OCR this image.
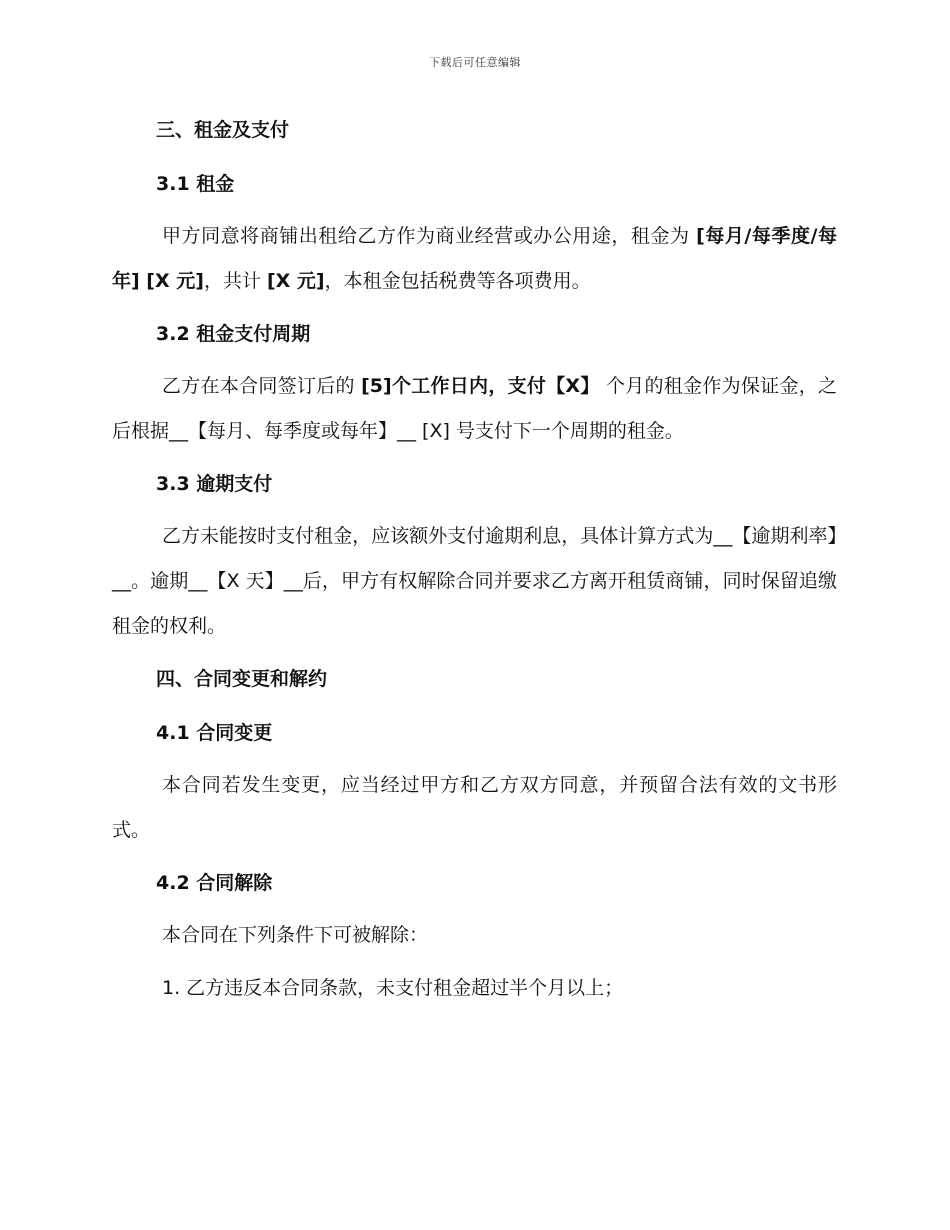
下载后可任意编辑
三、租金及支付
3.1 租金

甲方同意将商铺出租给乙方作为商业经营或办公用途，租金为 [每月/每季度/每年] [X 元]，共计 [X 元]，本租金包括税费等各项费用。

3.2 租金支付周期

乙方在本合同签订后的 [5]个工作日内，支付【X】 个月的租金作为保证金，之后根据__【每月、每季度或每年】__ [X] 号支付下一个周期的租金。

3.3 逾期支付

乙方未能按时支付租金，应该额外支付逾期利息，具体计算方式为__【逾期利率】__。逾期__【X 天】__后，甲方有权解除合同并要求乙方离开租赁商铺，同时保留追缴租金的权利。

四、合同变更和解约
4.1 合同变更

本合同若发生变更，应当经过甲方和乙方双方同意，并预留合法有效的文书形式。

4.2 合同解除

本合同在下列条件下可被解除：

1. 乙方违反本合同条款，未支付租金超过半个月以上；
